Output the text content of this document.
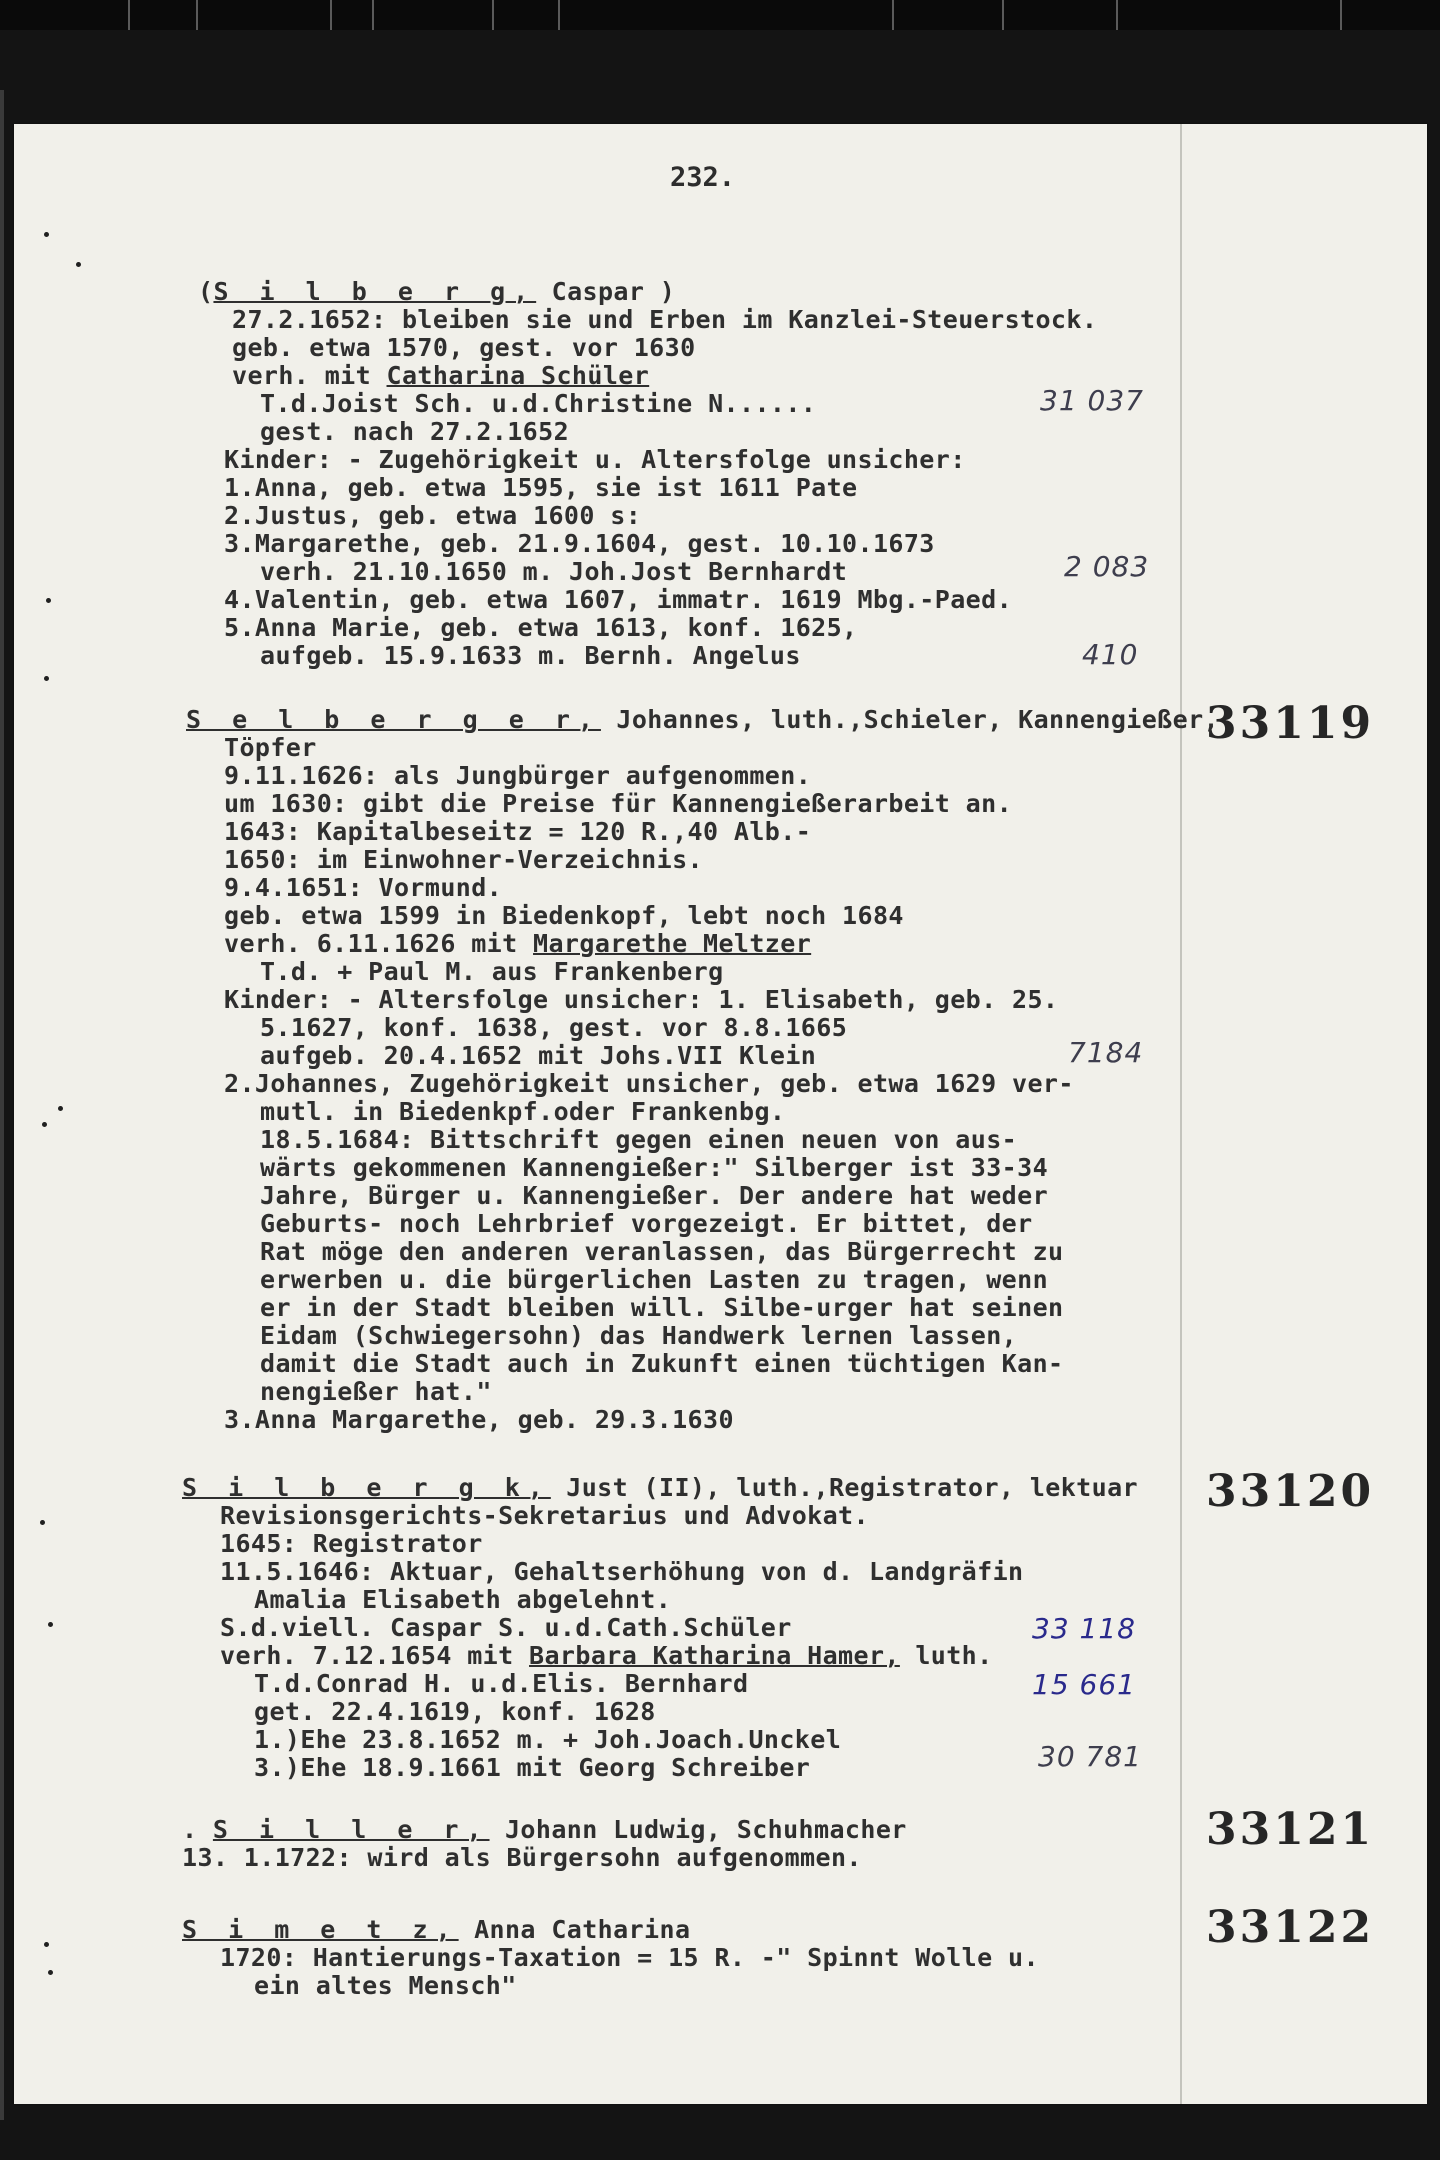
232.
(S i l b e r g, Caspar )
27.2.1652: bleiben sie und Erben im Kanzlei-Steuerstock.
geb. etwa 1570, gest. vor 1630
verh. mit Catharina Schüler
T.d.Joist Sch. u.d.Christine N......
gest. nach 27.2.1652
Kinder: - Zugehörigkeit u. Altersfolge unsicher:
1.Anna, geb. etwa 1595, sie ist 1611 Pate
2.Justus, geb. etwa 1600 s:
3.Margarethe, geb. 21.9.1604, gest. 10.10.1673
verh. 21.10.1650 m. Joh.Jost Bernhardt
4.Valentin, geb. etwa 1607, immatr. 1619 Mbg.-Paed.
5.Anna Marie, geb. etwa 1613, konf. 1625,
aufgeb. 15.9.1633 m. Bernh. Angelus
31 037
2 083
410
33119
S e l b e r g e r, Johannes, luth.,Schieler, Kannengießer,
Töpfer
9.11.1626: als Jungbürger aufgenommen.
um 1630: gibt die Preise für Kannengießerarbeit an.
1643: Kapitalbeseitz = 120 R.,40 Alb.-
1650: im Einwohner-Verzeichnis.
9.4.1651: Vormund.
geb. etwa 1599 in Biedenkopf, lebt noch 1684
verh. 6.11.1626 mit Margarethe Meltzer
T.d. + Paul M. aus Frankenberg
Kinder: - Altersfolge unsicher: 1. Elisabeth, geb. 25.
5.1627, konf. 1638, gest. vor 8.8.1665
aufgeb. 20.4.1652 mit Johs.VII Klein
2.Johannes, Zugehörigkeit unsicher, geb. etwa 1629 ver-
mutl. in Biedenkpf.oder Frankenbg.
18.5.1684: Bittschrift gegen einen neuen von aus-
wärts gekommenen Kannengießer:" Silberger ist 33-34
Jahre, Bürger u. Kannengießer. Der andere hat weder
Geburts- noch Lehrbrief vorgezeigt. Er bittet, der
Rat möge den anderen veranlassen, das Bürgerrecht zu
erwerben u. die bürgerlichen Lasten zu tragen, wenn
er in der Stadt bleiben will. Silbe-urger hat seinen
Eidam (Schwiegersohn) das Handwerk lernen lassen,
damit die Stadt auch in Zukunft einen tüchtigen Kan-
nengießer hat."
3.Anna Margarethe, geb. 29.3.1630
7184
33120
S i l b e r g k, Just (II), luth.,Registrator, lektuar
Revisionsgerichts-Sekretarius und Advokat.
1645: Registrator
11.5.1646: Aktuar, Gehaltserhöhung von d. Landgräfin
Amalia Elisabeth abgelehnt.
S.d.viell. Caspar S. u.d.Cath.Schüler
verh. 7.12.1654 mit Barbara Katharina Hamer, luth.
T.d.Conrad H. u.d.Elis. Bernhard
get. 22.4.1619, konf. 1628
1.)Ehe 23.8.1652 m. + Joh.Joach.Unckel
3.)Ehe 18.9.1661 mit Georg Schreiber
33 118
15 661
30 781
33121
. S i l l e r, Johann Ludwig, Schuhmacher
13. 1.1722: wird als Bürgersohn aufgenommen.
33122
S i m e t z, Anna Catharina
1720: Hantierungs-Taxation = 15 R. -" Spinnt Wolle u.
ein altes Mensch"
